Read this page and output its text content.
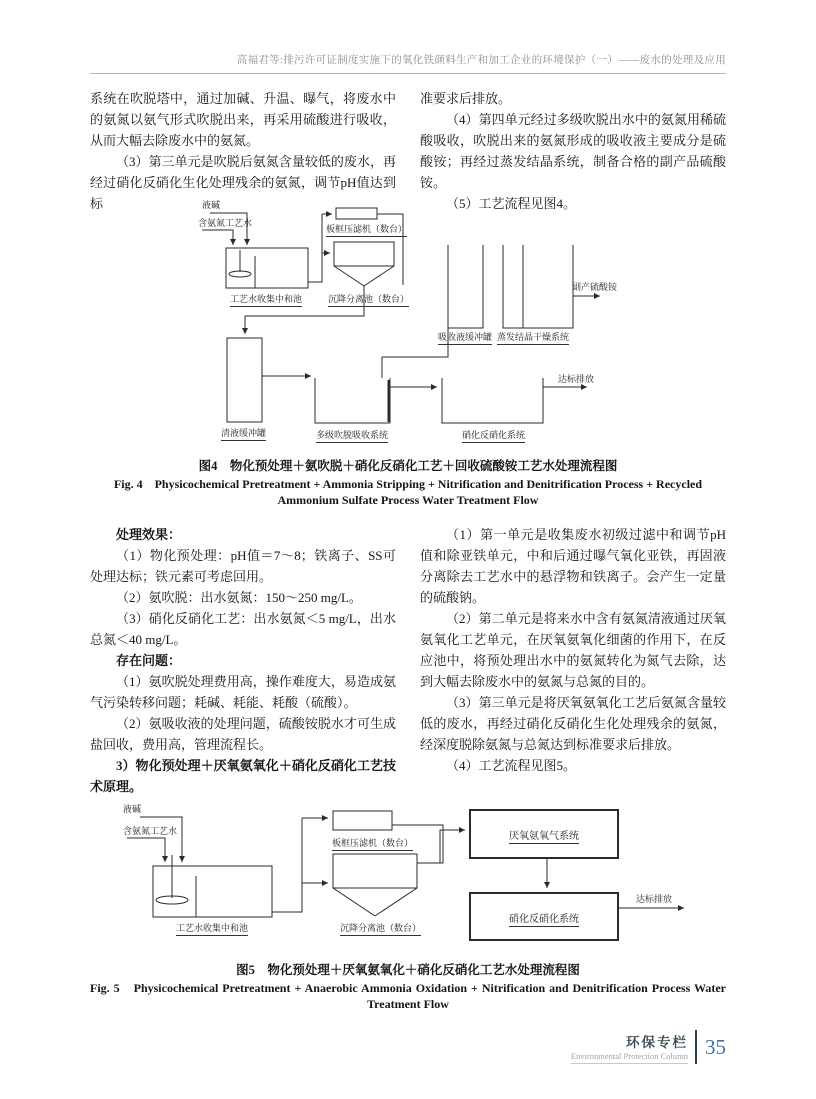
高福君等:排污许可证制度实施下的氧化铁颜料生产和加工企业的环境保护（一）——废水的处理及应用

系统在吹脱塔中，通过加碱、升温、曝气，将废水中的氨氮以氨气形式吹脱出来，再采用硫酸进行吸收，从而大幅去除废水中的氨氮。

（3）第三单元是吹脱后氨氮含量较低的废水，再经过硝化反硝化生化处理残余的氨氮，调节pH值达到标

准要求后排放。

（4）第四单元经过多级吹脱出水中的氨氮用稀硫酸吸收，吹脱出来的氨氮形成的吸收液主要成分是硫酸铵；再经过蒸发结晶系统，制备合格的副产品硫酸铵。

（5）工艺流程见图4。

液碱
含氨氮工艺水
工艺水收集中和池
板框压滤机（数台）
沉降分离池（数台）
清液缓冲罐	多级吹脱吸收系统	硝化反硝化系统
吸收液缓冲罐 蒸发结晶干燥系统
副产硫酸铵
达标排放
图4　物化预处理＋氨吹脱＋硝化反硝化工艺＋回收硫酸铵工艺水处理流程图
Fig. 4　Physicochemical Pretreatment + Ammonia Stripping + Nitrification and Denitrification Process + Recycled
Ammonium Sulfate Process Water Treatment Flow

处理效果：

（1）物化预处理：pH值＝7～8；铁离子、SS可处理达标；铁元素可考虑回用。

（2）氨吹脱：出水氨氮：150～250 mg/L。

（3）硝化反硝化工艺：出水氨氮＜5 mg/L，出水总氮＜40 mg/L。

存在问题：

（1）氨吹脱处理费用高，操作难度大，易造成氨气污染转移问题；耗碱、耗能、耗酸（硫酸）。

（2）氨吸收液的处理问题，硫酸铵脱水才可生成盐回收，费用高，管理流程长。

3）物化预处理＋厌氧氨氧化＋硝化反硝化工艺技术原理。

（1）第一单元是收集废水初级过滤中和调节pH值和除亚铁单元，中和后通过曝气氧化亚铁，再固液分离除去工艺水中的悬浮物和铁离子。会产生一定量的硫酸钠。

（2）第二单元是将来水中含有氨氮清液通过厌氧氨氧化工艺单元，在厌氧氨氧化细菌的作用下，在反应池中，将预处理出水中的氨氮转化为氮气去除，达到大幅去除废水中的氨氮与总氮的目的。

（3）第三单元是将厌氧氨氧化工艺后氨氮含量较低的废水，再经过硝化反硝化生化处理残余的氨氮，经深度脱除氨氮与总氮达到标准要求后排放。

（4）工艺流程见图5。

液碱
含氨氮工艺水
工艺水收集中和池
板框压滤机（数台）
沉降分离池（数台）
厌氧氨氧气系统
硝化反硝化系统
达标排放
图5　物化预处理＋厌氧氨氧化＋硝化反硝化工艺水处理流程图
Fig. 5　Physicochemical Pretreatment + Anaerobic Ammonia Oxidation + Nitrification and Denitrification Process Water
Treatment Flow
环保专栏
Environmental Protection Column 35
